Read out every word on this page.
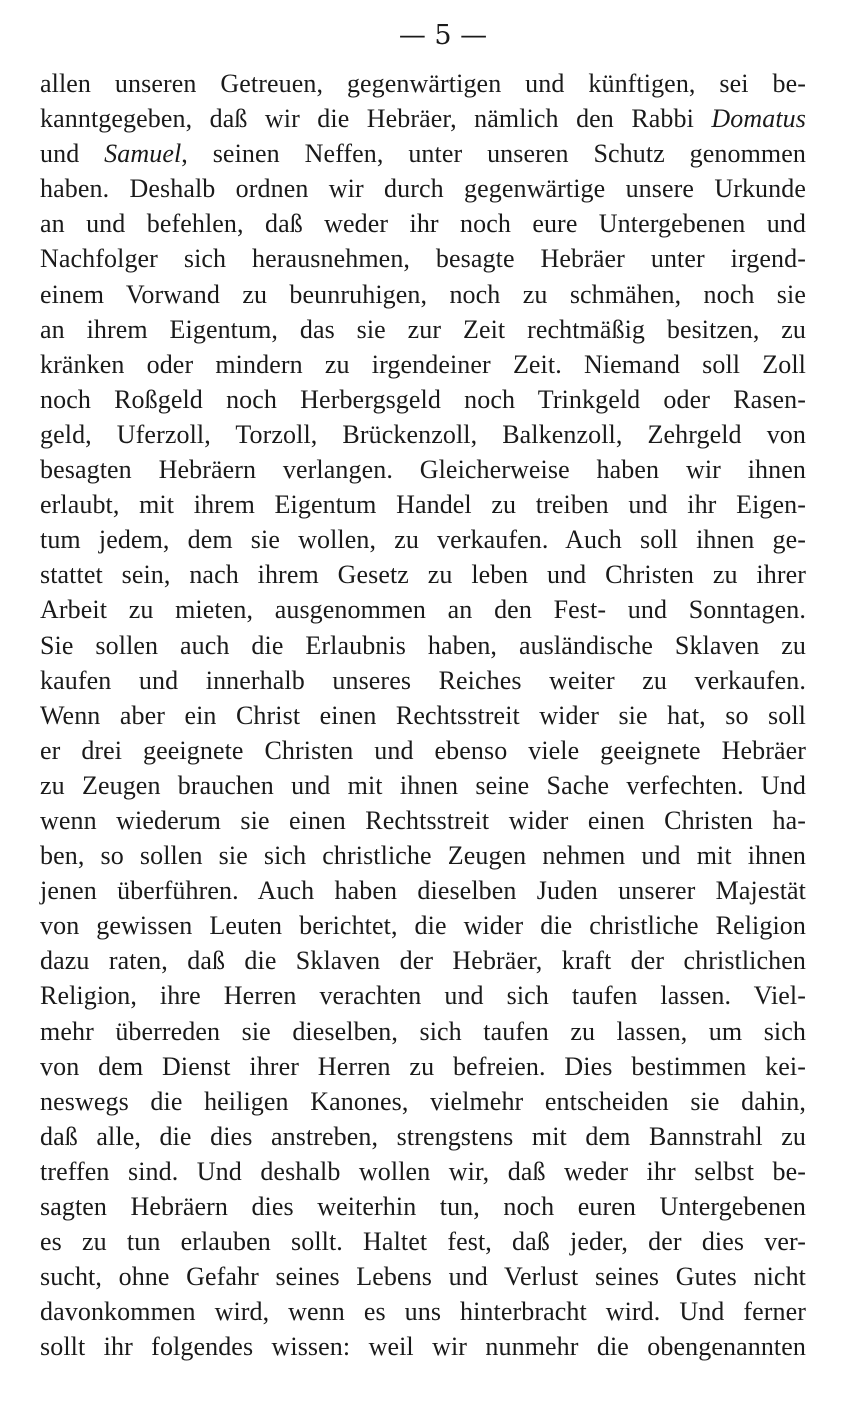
— 5 —
allen unseren Getreuen, gegenwärtigen und künftigen, sei be-
kanntgegeben, daß wir die Hebräer, nämlich den Rabbi Domatus
und Samuel, seinen Neffen, unter unseren Schutz genommen
haben. Deshalb ordnen wir durch gegenwärtige unsere Urkunde
an und befehlen, daß weder ihr noch eure Untergebenen und
Nachfolger sich herausnehmen, besagte Hebräer unter irgend-
einem Vorwand zu beunruhigen, noch zu schmähen, noch sie
an ihrem Eigentum, das sie zur Zeit rechtmäßig besitzen, zu
kränken oder mindern zu irgendeiner Zeit. Niemand soll Zoll
noch Roßgeld noch Herbergsgeld noch Trinkgeld oder Rasen-
geld, Uferzoll, Torzoll, Brückenzoll, Balkenzoll, Zehrgeld von
besagten Hebräern verlangen. Gleicherweise haben wir ihnen
erlaubt, mit ihrem Eigentum Handel zu treiben und ihr Eigen-
tum jedem, dem sie wollen, zu verkaufen. Auch soll ihnen ge-
stattet sein, nach ihrem Gesetz zu leben und Christen zu ihrer
Arbeit zu mieten, ausgenommen an den Fest- und Sonntagen.
Sie sollen auch die Erlaubnis haben, ausländische Sklaven zu
kaufen und innerhalb unseres Reiches weiter zu verkaufen.
Wenn aber ein Christ einen Rechtsstreit wider sie hat, so soll
er drei geeignete Christen und ebenso viele geeignete Hebräer
zu Zeugen brauchen und mit ihnen seine Sache verfechten. Und
wenn wiederum sie einen Rechtsstreit wider einen Christen ha-
ben, so sollen sie sich christliche Zeugen nehmen und mit ihnen
jenen überführen. Auch haben dieselben Juden unserer Majestät
von gewissen Leuten berichtet, die wider die christliche Religion
dazu raten, daß die Sklaven der Hebräer, kraft der christlichen
Religion, ihre Herren verachten und sich taufen lassen. Viel-
mehr überreden sie dieselben, sich taufen zu lassen, um sich
von dem Dienst ihrer Herren zu befreien. Dies bestimmen kei-
neswegs die heiligen Kanones, vielmehr entscheiden sie dahin,
daß alle, die dies anstreben, strengstens mit dem Bannstrahl zu
treffen sind. Und deshalb wollen wir, daß weder ihr selbst be-
sagten Hebräern dies weiterhin tun, noch euren Untergebenen
es zu tun erlauben sollt. Haltet fest, daß jeder, der dies ver-
sucht, ohne Gefahr seines Lebens und Verlust seines Gutes nicht
davonkommen wird, wenn es uns hinterbracht wird. Und ferner
sollt ihr folgendes wissen: weil wir nunmehr die obengenannten
